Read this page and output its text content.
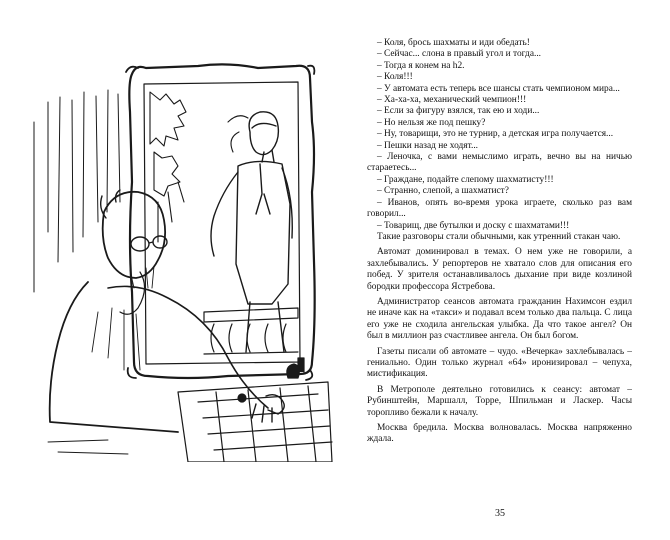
– Коля, брось шахматы и иди обедать!

– Сейчас... слона в правый угол и тогда...

– Тогда я конем на h2.

– Коля!!!

– У автомата есть теперь все шансы стать чемпионом мира...

– Ха-ха-ха, механический чемпион!!!

– Если за фигуру взялся, так ею и ходи...

– Но нельзя же под пешку?

– Ну, товарищи, это не турнир, а детская игра получается...

– Пешки назад не ходят...

– Леночка, с вами немыслимо играть, вечно вы на ничью стараетесь...

– Граждане, подайте слепому шахматисту!!!

– Странно, слепой, а шахматист?

– Иванов, опять во-время урока играете, сколько раз вам говорил...

– Товарищ, две бутылки и доску с шахматами!!!

Такие разговоры стали обычными, как утренний стакан чаю.

Автомат доминировал в темах. О нем уже не говорили, а захлебывались. У репортеров не хватало слов для описания его побед. У зрителя останавливалось дыхание при виде козлиной бородки профессора Ястребова.

Администратор сеансов автомата гражданин Нахимсон ездил не иначе как на «такси» и подавал всем только два пальца. С лица его уже не сходила ангельская улыбка. Да что такое ангел? Он был в миллион раз счастливее ангела. Он был богом.

Газеты писали об автомате – чудо. «Вечерка» захлебывалась – гениально. Один только журнал «64» иронизировал – чепуха, мистификация.

В Метрополе деятельно готовились к сеансу: автомат – Рубинштейн, Маршалл, Торре, Шпильман и Ласкер. Часы торопливо бежали к началу.

Москва бредила. Москва волновалась. Москва напряженно ждала.

35
